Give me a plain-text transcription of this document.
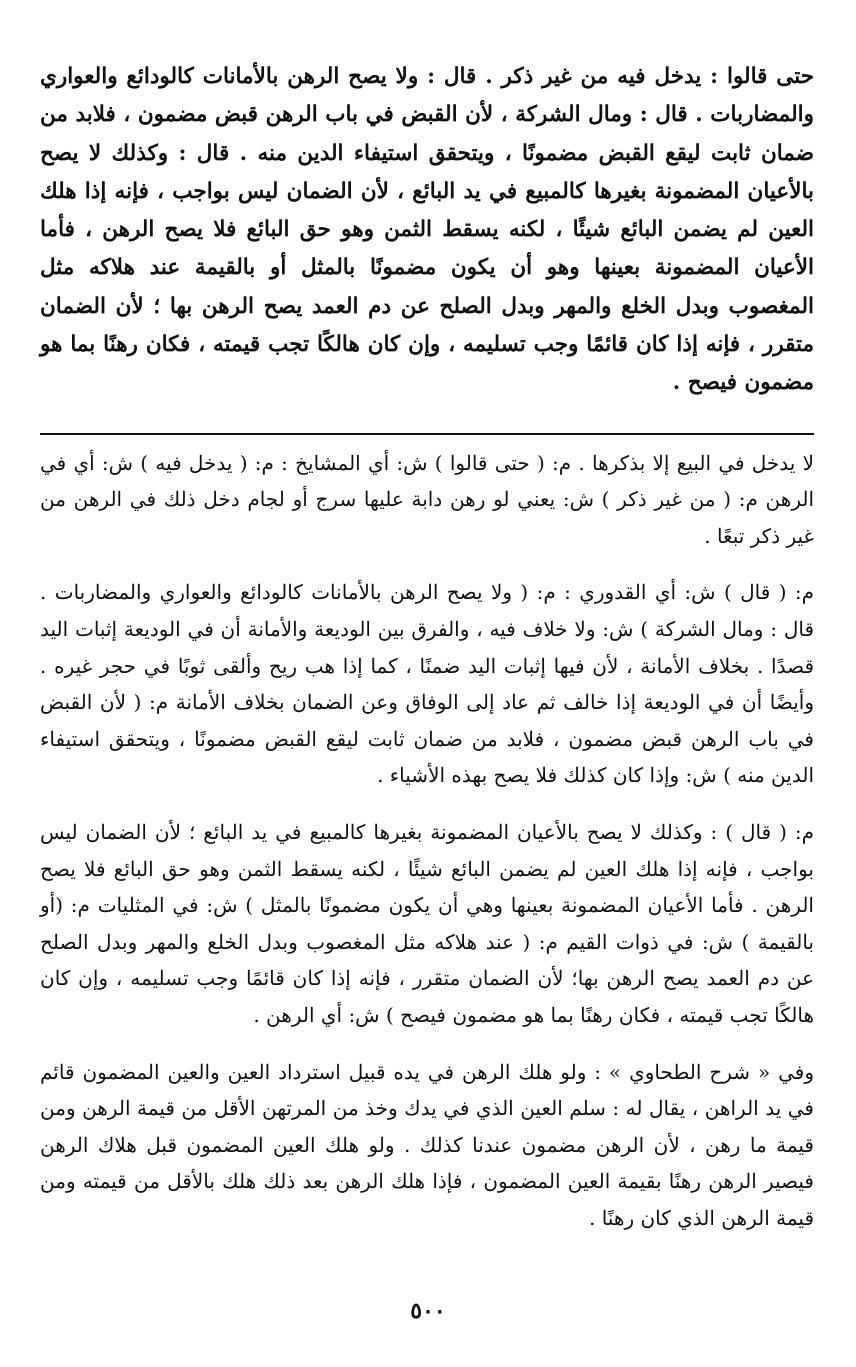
حتى قالوا : يدخل فيه من غير ذكر . قال : ولا يصح الرهن بالأمانات كالودائع والعواري والمضاربات . قال : ومال الشركة ، لأن القبض في باب الرهن قبض مضمون ، فلابد من ضمان ثابت ليقع القبض مضمونًا ، ويتحقق استيفاء الدين منه . قال : وكذلك لا يصح بالأعيان المضمونة بغيرها كالمبيع في يد البائع ، لأن الضمان ليس بواجب ، فإنه إذا هلك العين لم يضمن البائع شيئًا ، لكنه يسقط الثمن وهو حق البائع فلا يصح الرهن ، فأما الأعيان المضمونة بعينها وهو أن يكون مضمونًا بالمثل أو بالقيمة عند هلاكه مثل المغصوب وبدل الخلع والمهر وبدل الصلح عن دم العمد يصح الرهن بها ؛ لأن الضمان متقرر ، فإنه إذا كان قائمًا وجب تسليمه ، وإن كان هالكًا تجب قيمته ، فكان رهنًا بما هو مضمون فيصح .

لا يدخل في البيع إلا بذكرها . م: ( حتى قالوا ) ش: أي المشايخ : م: ( يدخل فيه ) ش: أي في الرهن م: ( من غير ذكر ) ش: يعني لو رهن دابة عليها سرج أو لجام دخل ذلك في الرهن من غير ذكر تبعًا .

م: ( قال ) ش: أي القدوري : م: ( ولا يصح الرهن بالأمانات كالودائع والعواري والمضاربات . قال : ومال الشركة ) ش: ولا خلاف فيه ، والفرق بين الوديعة والأمانة أن في الوديعة إثبات اليد قصدًا . بخلاف الأمانة ، لأن فيها إثبات اليد ضمنًا ، كما إذا هب ريح وألقى ثوبًا في حجر غيره . وأيضًا أن في الوديعة إذا خالف ثم عاد إلى الوفاق وعن الضمان بخلاف الأمانة م: ( لأن القبض في باب الرهن قبض مضمون ، فلابد من ضمان ثابت ليقع القبض مضمونًا ، ويتحقق استيفاء الدين منه ) ش: وإذا كان كذلك فلا يصح بهذه الأشياء .

م: ( قال ) : وكذلك لا يصح بالأعيان المضمونة بغيرها كالمبيع في يد البائع ؛ لأن الضمان ليس بواجب ، فإنه إذا هلك العين لم يضمن البائع شيئًا ، لكنه يسقط الثمن وهو حق البائع فلا يصح الرهن . فأما الأعيان المضمونة بعينها وهي أن يكون مضمونًا بالمثل ) ش: في المثليات م: (أو بالقيمة ) ش: في ذوات القيم م: ( عند هلاكه مثل المغصوب وبدل الخلع والمهر وبدل الصلح عن دم العمد يصح الرهن بها؛ لأن الضمان متقرر ، فإنه إذا كان قائمًا وجب تسليمه ، وإن كان هالكًا تجب قيمته ، فكان رهنًا بما هو مضمون فيصح ) ش: أي الرهن .

وفي « شرح الطحاوي » : ولو هلك الرهن في يده قبيل استرداد العين والعين المضمون قائم في يد الراهن ، يقال له : سلم العين الذي في يدك وخذ من المرتهن الأقل من قيمة الرهن ومن قيمة ما رهن ، لأن الرهن مضمون عندنا كذلك . ولو هلك العين المضمون قبل هلاك الرهن فيصير الرهن رهنًا بقيمة العين المضمون ، فإذا هلك الرهن بعد ذلك هلك بالأقل من قيمته ومن قيمة الرهن الذي كان رهنًا .

٥٠٠
